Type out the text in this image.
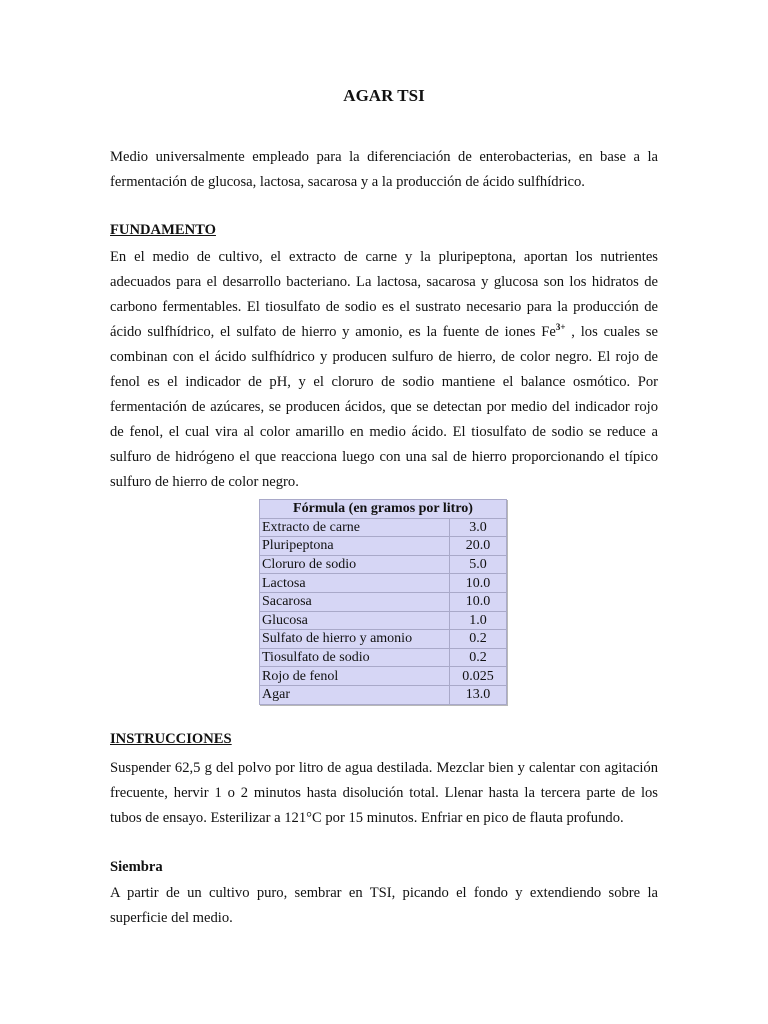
AGAR TSI

Medio universalmente empleado para la diferenciación de enterobacterias, en base a la fermentación de glucosa, lactosa, sacarosa y a la producción de ácido sulfhídrico.

FUNDAMENTO

En el medio de cultivo, el extracto de carne y la pluripeptona, aportan los nutrientes adecuados para el desarrollo bacteriano. La lactosa, sacarosa y glucosa son los hidratos de carbono fermentables. El tiosulfato de sodio es el sustrato necesario para la producción de ácido sulfhídrico, el sulfato de hierro y amonio, es la fuente de iones $Fe^{3+}$ , los cuales se combinan con el ácido sulfhídrico y producen sulfuro de hierro, de color negro. El rojo de fenol es el indicador de pH, y el cloruro de sodio mantiene el balance osmótico. Por fermentación de azúcares, se producen ácidos, que se detectan por medio del indicador rojo de fenol, el cual vira al color amarillo en medio ácido. El tiosulfato de sodio se reduce a sulfuro de hidrógeno el que reacciona luego con una sal de hierro proporcionando el típico sulfuro de hierro de color negro.

Fórmula (en gramos por litro)	
Extracto de carne	3.0
Pluripeptona	20.0
Cloruro de sodio	5.0
Lactosa	10.0
Sacarosa	10.0
Glucosa	1.0
Sulfato de hierro y amonio	0.2
Tiosulfato de sodio	0.2
Rojo de fenol	0.025
Agar	13.0

INSTRUCCIONES

Suspender 62,5 g del polvo por litro de agua destilada. Mezclar bien y calentar con agitación frecuente, hervir 1 o 2 minutos hasta disolución total. Llenar hasta la tercera parte de los tubos de ensayo. Esterilizar a 121°C por 15 minutos. Enfriar en pico de flauta profundo.

Siembra

A partir de un cultivo puro, sembrar en TSI, picando el fondo y extendiendo sobre la superficie del medio.
